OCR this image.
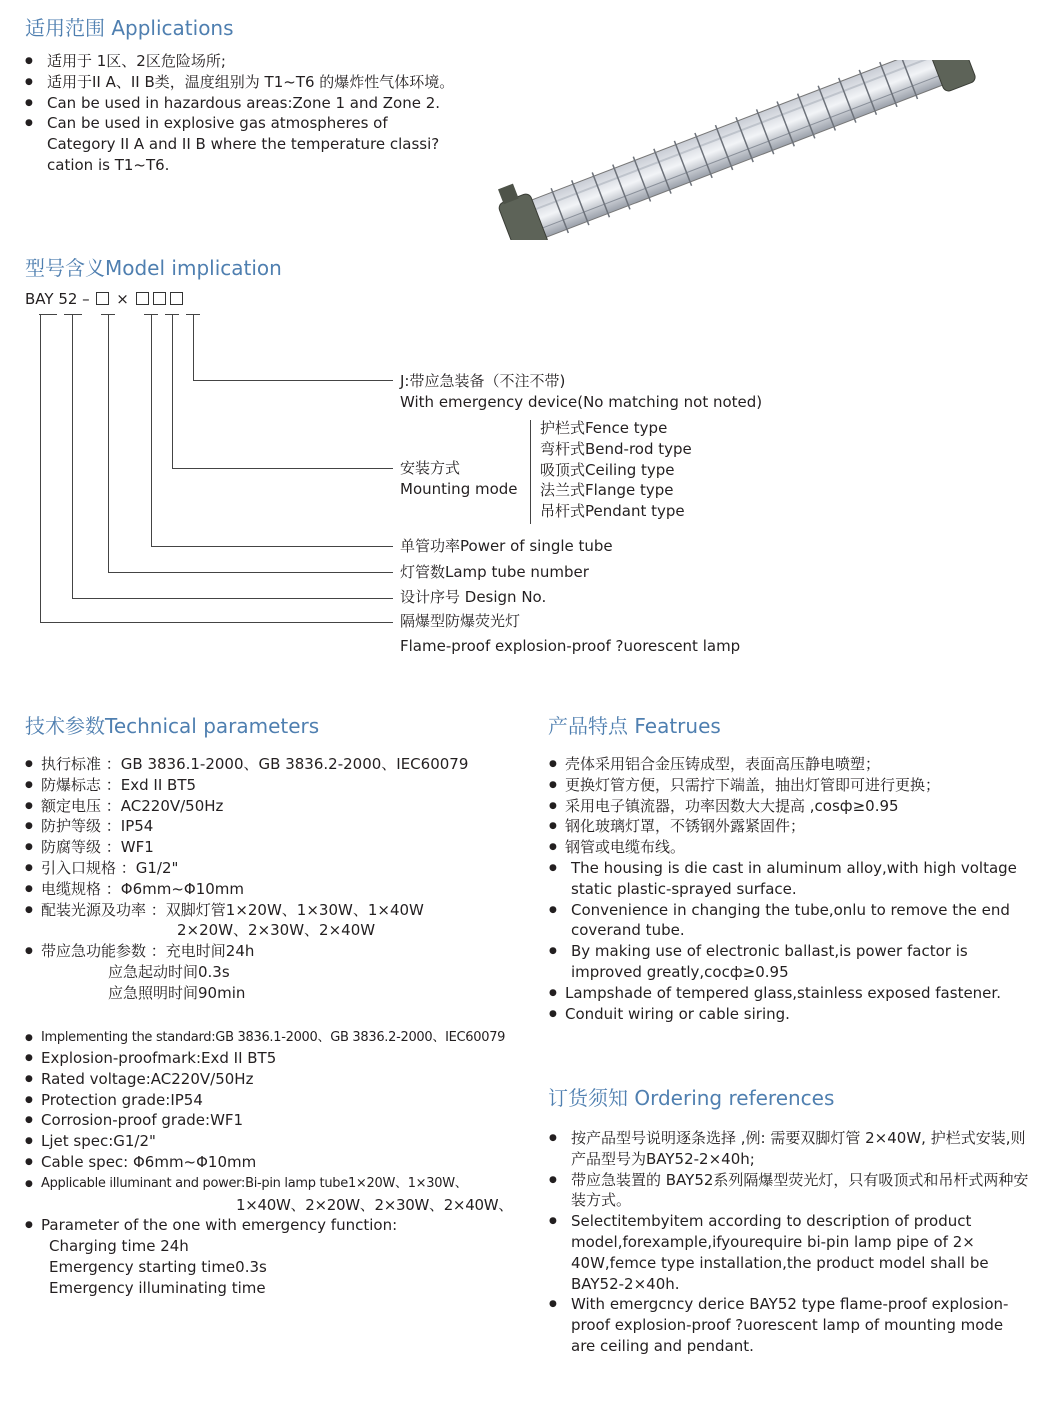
适用范围 Applications
● 适用于 1区、2区危险场所;
● 适用于II A、II B类，温度组别为 T1~T6 的爆炸性气体环境。
● Can be used in hazardous areas:Zone 1 and Zone 2.
● Can be used in explosive gas atmospheres of Category II A and II B where the temperature classi?cation is T1~T6.
型号含义Model implication
BAY 52 – ×
J:带应急装备（不注不带)
With emergency device(No matching not noted)
安装方式
Mounting mode
护栏式Fence type
弯杆式Bend-rod type
吸顶式Ceiling type
法兰式Flange type
吊杆式Pendant type
单管功率Power of single tube
灯管数Lamp tube number
设计序号 Design No.
隔爆型防爆荧光灯
Flame-proof explosion-proof ?uorescent lamp
技术参数Technical parameters
● 执行标准 ：GB 3836.1-2000、GB 3836.2-2000、IEC60079
● 防爆标志 ：Exd II BT5
● 额定电压 ：AC220V/50Hz
● 防护等级 ：IP54
● 防腐等级 ：WF1
● 引入口规格 ：G1/2"
● 电缆规格 ：Φ6mm~Φ10mm
● 配装光源及功率 ：双脚灯管1×20W、1×30W、1×40W
2×20W、2×30W、2×40W
● 带应急功能参数 ：充电时间24h
应急起动时间0.3s
应急照明时间90min
● Implementing the standard:GB 3836.1-2000、GB 3836.2-2000、IEC60079
● Explosion-proofmark:Exd II BT5
● Rated voltage:AC220V/50Hz
● Protection grade:IP54
● Corrosion-proof grade:WF1
● Ljet spec:G1/2"
● Cable spec: Φ6mm~Φ10mm
● Applicable illuminant and power:Bi-pin lamp tube1×20W、1×30W、
1×40W、2×20W、2×30W、2×40W、
● Parameter of the one with emergency function:
Charging time 24h
Emergency starting time0.3s
Emergency illuminating time
产品特点 Featrues
● 壳体采用铝合金压铸成型，表面高压静电喷塑；
● 更换灯管方便，只需拧下端盖，抽出灯管即可进行更换；
● 采用电子镇流器，功率因数大大提高 ,cosф≥0.95
● 钢化玻璃灯罩，不锈钢外露紧固件；
● 钢管或电缆布线。
● The housing is die cast in aluminum alloy,with high voltage static plastic-sprayed surface.
● Convenience in changing the tube,onlu to remove the end coverand tube.
● By making use of electronic ballast,is power factor is improved greatly,cocф≥0.95
● Lampshade of tempered glass,stainless exposed fastener.
● Conduit wiring or cable siring.
订货须知 Ordering references
● 按产品型号说明逐条选择 ,例: 需要双脚灯管 2×40W, 护栏式安装,则产品型号为BAY52-2×40h;
● 带应急装置的 BAY52系列隔爆型荧光灯，只有吸顶式和吊杆式两种安装方式。
● Selectitembyitem according to description of product model,forexample,ifyourequire bi-pin lamp pipe of 2× 40W,femce type installation,the product model shall be BAY52-2×40h.
● With emergcncy derice BAY52 type flame-proof explosion-proof explosion-proof ?uorescent lamp of mounting mode are ceiling and pendant.
